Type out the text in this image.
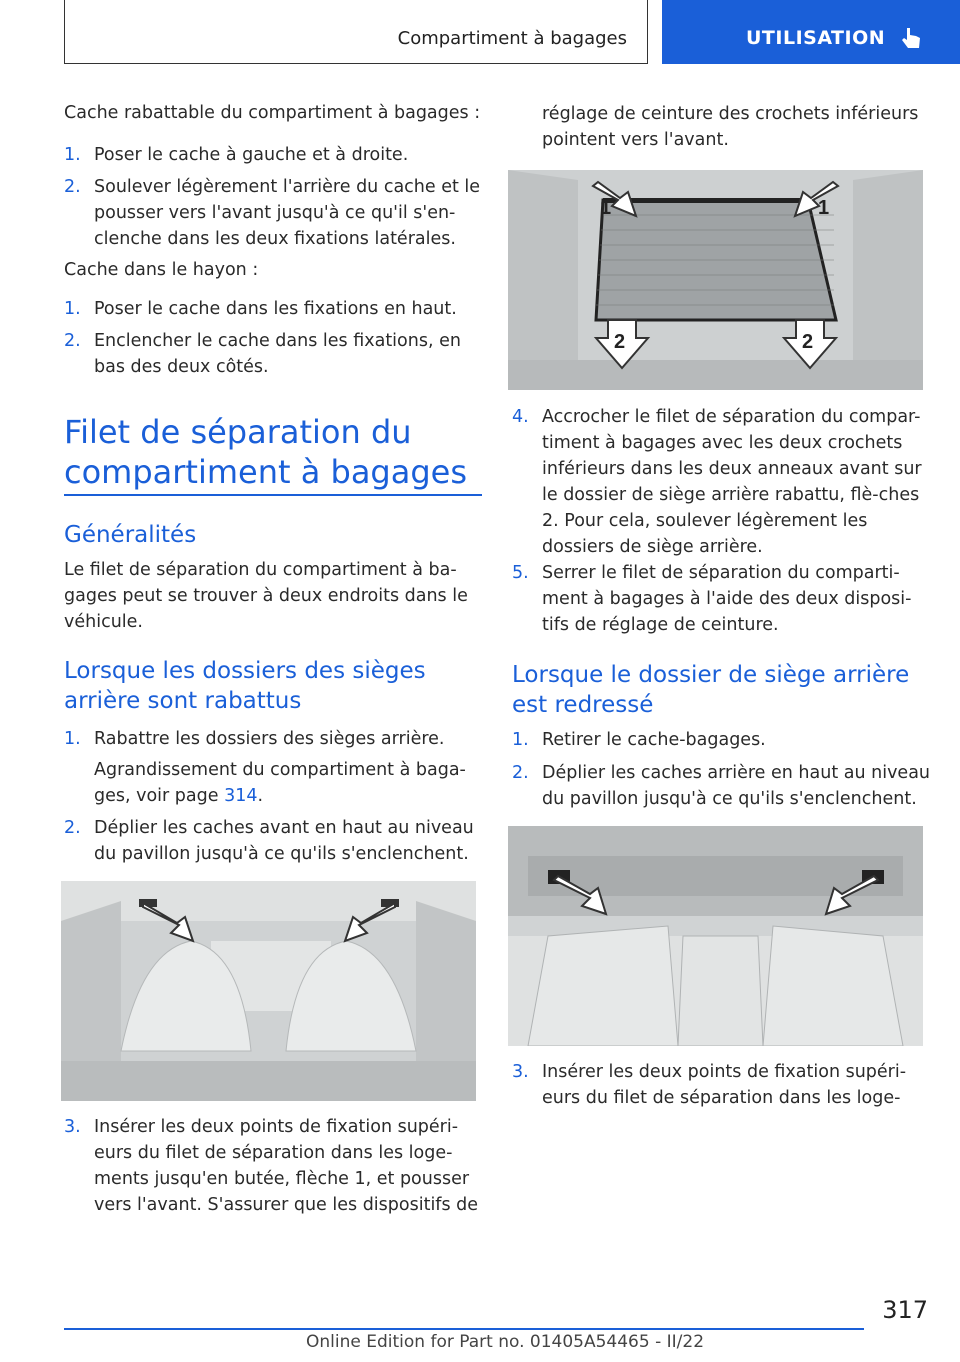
Compartiment à bagages	UTILISATION
Cache rabattable du compartiment à bagages :
1. Poser le cache à gauche et à droite.
2. Soulever légèrement l'arrière du cache et le pousser vers l'avant jusqu'à ce qu'il s'en-clenche dans les deux fixations latérales.
Cache dans le hayon :
1. Poser le cache dans les fixations en haut.
2. Enclencher le cache dans les fixations, en bas des deux côtés.
Filet de séparation du compartiment à bagages
Généralités
Le filet de séparation du compartiment à ba-gages peut se trouver à deux endroits dans le véhicule.
Lorsque les dossiers des sièges arrière sont rabattus
1. Rabattre les dossiers des sièges arrière.
Agrandissement du compartiment à baga-ges, voir page 314.
2. Déplier les caches avant en haut au niveau du pavillon jusqu'à ce qu'ils s'enclenchent.
3. Insérer les deux points de fixation supéri-eurs du filet de séparation dans les loge-ments jusqu'en butée, flèche 1, et pousser vers l'avant. S'assurer que les dispositifs de
réglage de ceinture des crochets inférieurs pointent vers l'avant.
1	1
2	2
4. Accrocher le filet de séparation du compar-timent à bagages avec les deux crochets inférieurs dans les deux anneaux avant sur le dossier de siège arrière rabattu, flè-ches 2. Pour cela, soulever légèrement les dossiers de siège arrière.
5. Serrer le filet de séparation du comparti-ment à bagages à l'aide des deux disposi-tifs de réglage de ceinture.
Lorsque le dossier de siège arrière est redressé
1. Retirer le cache-bagages.
2. Déplier les caches arrière en haut au niveau du pavillon jusqu'à ce qu'ils s'enclenchent.
3. Insérer les deux points de fixation supéri-eurs du filet de séparation dans les loge-
317
Online Edition for Part no. 01405A54465 - II/22
